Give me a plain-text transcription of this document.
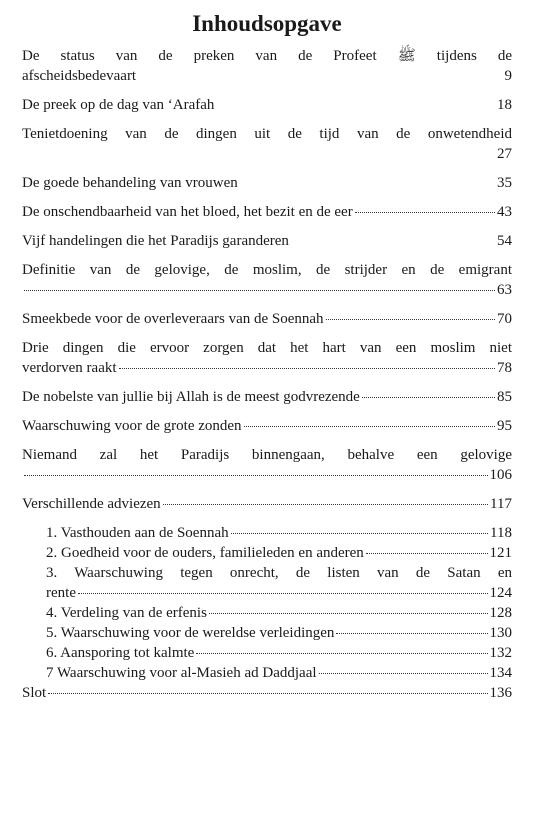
Inhoudsopgave
De status van de preken van de Profeet ﷺ tijdens de
afscheidsbedevaart	9
De preek op de dag van ‘Arafah	18
Tenietdoening van de dingen uit de tijd van de onwetendheid
27
De goede behandeling van vrouwen	35
De onschendbaarheid van het bloed, het bezit en de eer	43
Vijf handelingen die het Paradijs garanderen	54
Definitie van de gelovige, de moslim, de strijder en de emigrant
63
Smeekbede voor de overleveraars van de Soennah	70
Drie dingen die ervoor zorgen dat het hart van een moslim niet
verdorven raakt	78
De nobelste van jullie bij Allah is de meest godvrezende	85
Waarschuwing voor de grote zonden	95
Niemand zal het Paradijs binnengaan, behalve een gelovige
106
Verschillende adviezen	117
1. Vasthouden aan de Soennah	118
2. Goedheid voor de ouders, familieleden en anderen	121
3. Waarschuwing tegen onrecht, de listen van de Satan en
rente	124
4. Verdeling van de erfenis	128
5. Waarschuwing voor de wereldse verleidingen	130
6. Aansporing tot kalmte	132
7 Waarschuwing voor al-Masieh ad Daddjaal	134
Slot	136
